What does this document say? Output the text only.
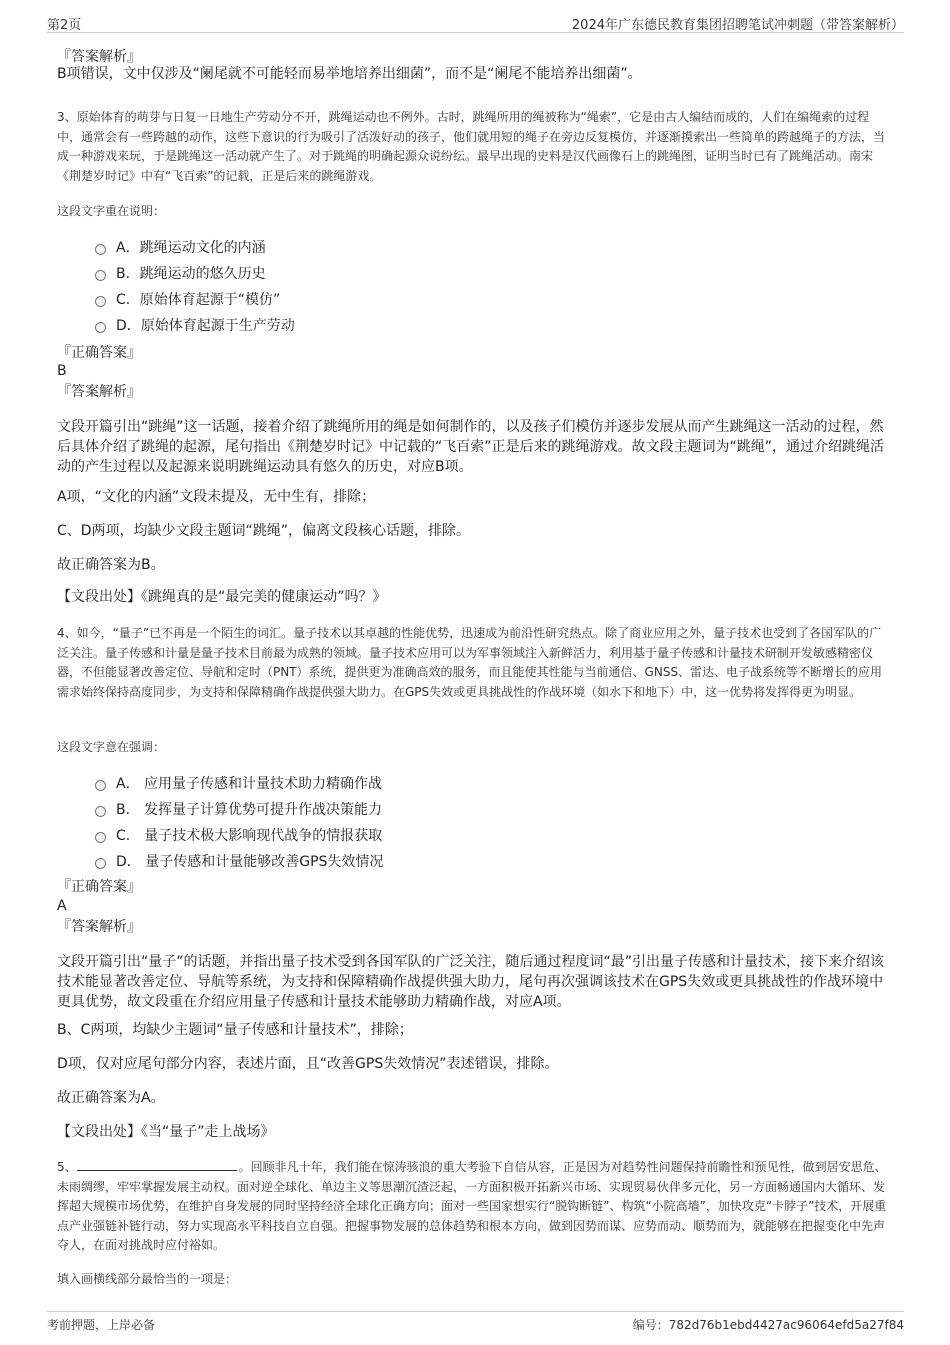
第2页	2024年广东德民教育集团招聘笔试冲刺题（带答案解析）
『答案解析』
B项错误，文中仅涉及“阑尾就不可能轻而易举地培养出细菌”，而不是“阑尾不能培养出细菌”。
3、原始体育的萌芽与日复一日地生产劳动分不开，跳绳运动也不例外。古时，跳绳所用的绳被称为“绳索”，它是由古人编结而成的，人们在编绳索的过程中，通常会有一些跨越的动作，这些下意识的行为吸引了活泼好动的孩子，他们就用短的绳子在旁边反复模仿，并逐渐摸索出一些简单的跨越绳子的方法，当成一种游戏来玩，于是跳绳这一活动就产生了。对于跳绳的明确起源众说纷纭。最早出现的史料是汉代画像石上的跳绳图，证明当时已有了跳绳活动。南宋《荆楚岁时记》中有“飞百索”的记载，正是后来的跳绳游戏。
这段文字重在说明：
A．跳绳运动文化的内涵
B．跳绳运动的悠久历史
C．原始体育起源于“模仿”
D．原始体育起源于生产劳动
『正确答案』
B
『答案解析』
文段开篇引出“跳绳”这一话题，接着介绍了跳绳所用的绳是如何制作的，以及孩子们模仿并逐步发展从而产生跳绳这一活动的过程，然后具体介绍了跳绳的起源，尾句指出《荆楚岁时记》中记载的“飞百索”正是后来的跳绳游戏。故文段主题词为“跳绳”，通过介绍跳绳活动的产生过程以及起源来说明跳绳运动具有悠久的历史，对应B项。
A项，“文化的内涵”文段未提及，无中生有，排除；
C、D两项，均缺少文段主题词“跳绳”，偏离文段核心话题，排除。
故正确答案为B。
【文段出处】《跳绳真的是“最完美的健康运动”吗？》
4、如今，“量子”已不再是一个陌生的词汇。量子技术以其卓越的性能优势，迅速成为前沿性研究热点。除了商业应用之外，量子技术也受到了各国军队的广泛关注。量子传感和计量是量子技术目前最为成熟的领域。量子技术应用可以为军事领域注入新鲜活力，利用基于量子传感和计量技术研制开发敏感精密仪器，不但能显著改善定位、导航和定时（PNT）系统，提供更为准确高效的服务，而且能使其性能与当前通信、GNSS、雷达、电子战系统等不断增长的应用需求始终保持高度同步，为支持和保障精确作战提供强大助力。在GPS失效或更具挑战性的作战环境（如水下和地下）中，这一优势将发挥得更为明显。
这段文字意在强调：
A． 应用量子传感和计量技术助力精确作战
B． 发挥量子计算优势可提升作战决策能力
C． 量子技术极大影响现代战争的情报获取
D． 量子传感和计量能够改善GPS失效情况
『正确答案』
A
『答案解析』
文段开篇引出“量子”的话题，并指出量子技术受到各国军队的广泛关注，随后通过程度词“最”引出量子传感和计量技术，接下来介绍该技术能显著改善定位、导航等系统，为支持和保障精确作战提供强大助力，尾句再次强调该技术在GPS失效或更具挑战性的作战环境中更具优势，故文段重在介绍应用量子传感和计量技术能够助力精确作战，对应A项。
B、C两项，均缺少主题词“量子传感和计量技术”，排除；
D项，仅对应尾句部分内容，表述片面，且“改善GPS失效情况”表述错误，排除。
故正确答案为A。
【文段出处】《当“量子”走上战场》
5、	。回顾非凡十年，我们能在惊涛骇浪的重大考验下自信从容，正是因为对趋势性问题保持前瞻性和预见性，做到居安思危、未雨绸缪，牢牢掌握发展主动权。面对逆全球化、单边主义等思潮沉渣泛起，一方面积极开拓新兴市场、实现贸易伙伴多元化，另一方面畅通国内大循环、发挥超大规模市场优势，在维护自身发展的同时坚持经济全球化正确方向；面对一些国家想实行“脱钩断链”、构筑“小院高墙”，加快攻克“卡脖子”技术，开展重点产业强链补链行动，努力实现高水平科技自立自强。把握事物发展的总体趋势和根本方向，做到因势而谋、应势而动、顺势而为，就能够在把握变化中先声夺人，在面对挑战时应付裕如。
填入画横线部分最恰当的一项是：
考前押题，上岸必备	编号：782d76b1ebd4427ac96064efd5a27f84
